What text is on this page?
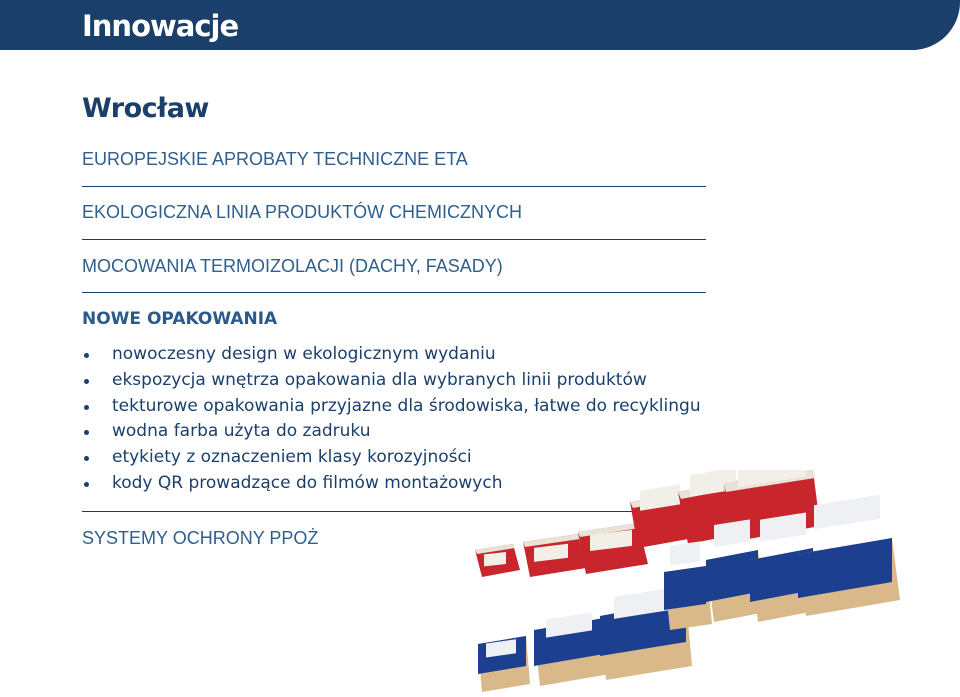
Innowacje
Wrocław
EUROPEJSKIE APROBATY TECHNICZNE ETA
EKOLOGICZNA LINIA PRODUKTÓW CHEMICZNYCH
MOCOWANIA TERMOIZOLACJI (DACHY, FASADY)
NOWE OPAKOWANIA
nowoczesny design w ekologicznym wydaniu
ekspozycja wnętrza opakowania dla wybranych linii produktów
tekturowe opakowania przyjazne dla środowiska, łatwe do recyklingu
wodna farba użyta do zadruku
etykiety z oznaczeniem klasy korozyjności
kody QR prowadzące do filmów montażowych
SYSTEMY OCHRONY PPOŻ
